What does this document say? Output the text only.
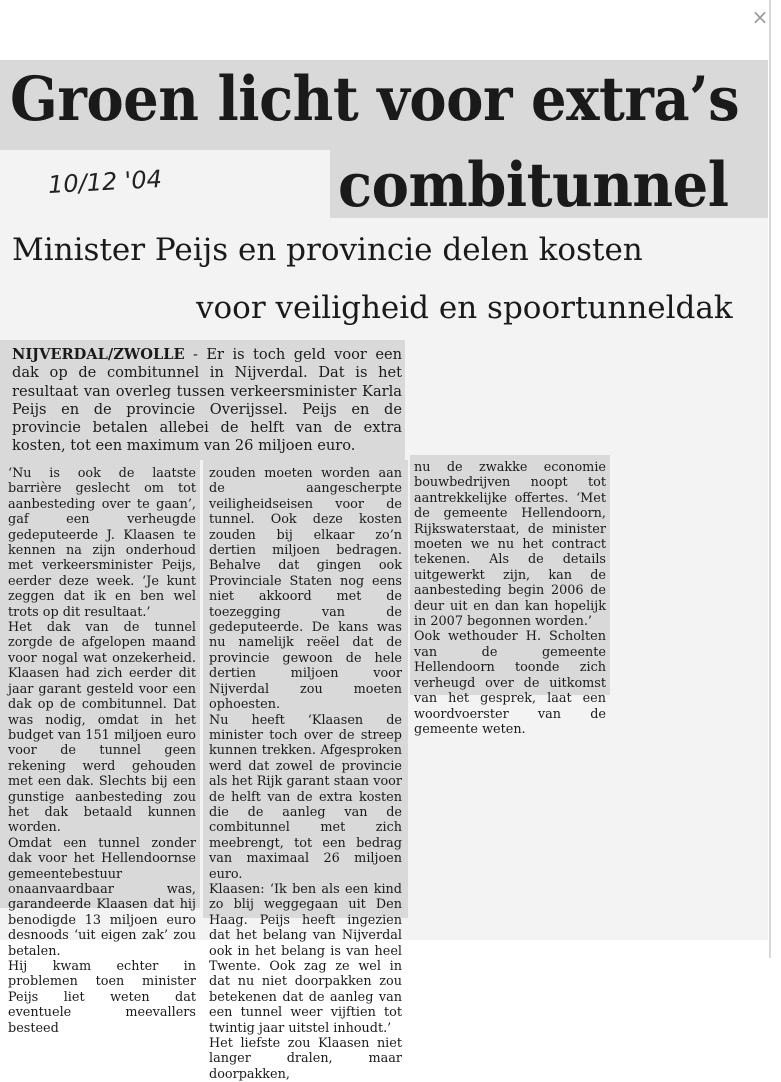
×
Groen licht voor extra’s
combitunnel
10/12 '04
Minister Peijs en provincie delen kosten
voor veiligheid en spoortunneldak
NIJVERDAL/ZWOLLE - Er is toch geld voor een dak op de combitunnel in Nijverdal. Dat is het resultaat van overleg tussen verkeersminister Karla Peijs en de provincie Overijssel. Peijs en de provincie betalen allebei de helft van de extra kosten, tot een maximum van 26 miljoen euro.

‘Nu is ook de laatste barrière geslecht om tot aanbesteding over te gaan’, gaf een verheugde gedeputeerde J. Klaasen te kennen na zijn onderhoud met verkeersminister Peijs, eerder deze week. ‘Je kunt zeggen dat ik en ben wel trots op dit resultaat.’

Het dak van de tunnel zorgde de afgelopen maand voor nogal wat onzekerheid. Klaasen had zich eerder dit jaar garant gesteld voor een dak op de combitunnel. Dat was nodig, omdat in het budget van 151 miljoen euro voor de tunnel geen rekening werd gehouden met een dak. Slechts bij een gunstige aanbesteding zou het dak betaald kunnen worden.

Omdat een tunnel zonder dak voor het Hellendoornse gemeentebestuur onaanvaardbaar was, garandeerde Klaasen dat hij benodigde 13 miljoen euro desnoods ‘uit eigen zak’ zou betalen.

Hij kwam echter in problemen toen minister Peijs liet weten dat eventuele meevallers besteed

zouden moeten worden aan de aangescherpte veiligheidseisen voor de tunnel. Ook deze kosten zouden bij elkaar zo’n dertien miljoen bedragen. Behalve dat gingen ook Provinciale Staten nog eens niet akkoord met de toezegging van de gedeputeerde. De kans was nu namelijk reëel dat de provincie gewoon de hele dertien miljoen voor Nijverdal zou moeten ophoesten.

Nu heeft ‘Klaasen de minister toch over de streep kunnen trekken. Afgesproken werd dat zowel de provincie als het Rijk garant staan voor de helft van de extra kosten die de aanleg van de combitunnel met zich meebrengt, tot een bedrag van maximaal 26 miljoen euro.

Klaasen: ‘Ik ben als een kind zo blij weggegaan uit Den Haag. Peijs heeft ingezien dat het belang van Nijverdal ook in het belang is van heel Twente. Ook zag ze wel in dat nu niet doorpakken zou betekenen dat de aanleg van een tunnel weer vijftien tot twintig jaar uitstel inhoudt.’

Het liefste zou Klaasen niet langer dralen, maar doorpakken,

nu de zwakke economie bouwbedrijven noopt tot aantrekkelijke offertes. ‘Met de gemeente Hellendoorn, Rijkswaterstaat, de minister moeten we nu het contract tekenen. Als de details uitgewerkt zijn, kan de aanbesteding begin 2006 de deur uit en dan kan hopelijk in 2007 begonnen worden.’

Ook wethouder H. Scholten van de gemeente Hellendoorn toonde zich verheugd over de uitkomst van het gesprek, laat een woordvoerster van de gemeente weten.
